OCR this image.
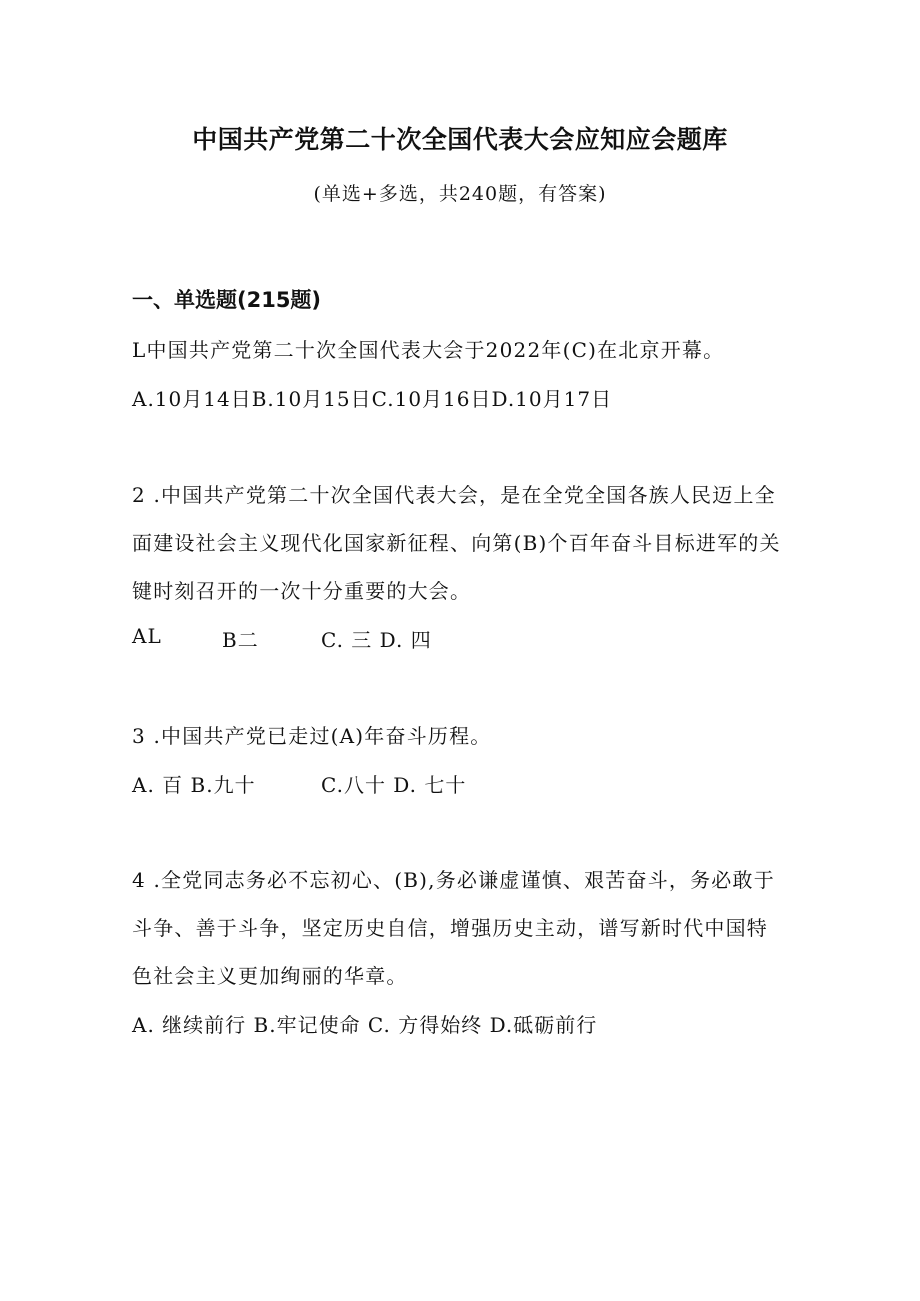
中国共产党第二十次全国代表大会应知应会题库
(单选+多选，共240题，有答案)
一、单选题(215题)
L中国共产党第二十次全国代表大会于2022年(C)在北京开幕。
A.10月14日B.10月15日C.10月16日D.10月17日
2 .中国共产党第二十次全国代表大会，是在全党全国各族人民迈上全
面建设社会主义现代化国家新征程、向第(B)个百年奋斗目标进军的关
键时刻召开的一次十分重要的大会。
AL	B二	C. 三 D. 四
3 .中国共产党已走过(A)年奋斗历程。
A. 百 B.九十	C.八十 D. 七十
4 .全党同志务必不忘初心、(B),务必谦虚谨慎、艰苦奋斗，务必敢于
斗争、善于斗争，坚定历史自信，增强历史主动，谱写新时代中国特
色社会主义更加绚丽的华章。
A. 继续前行 B.牢记使命 C. 方得始终 D.砥砺前行
